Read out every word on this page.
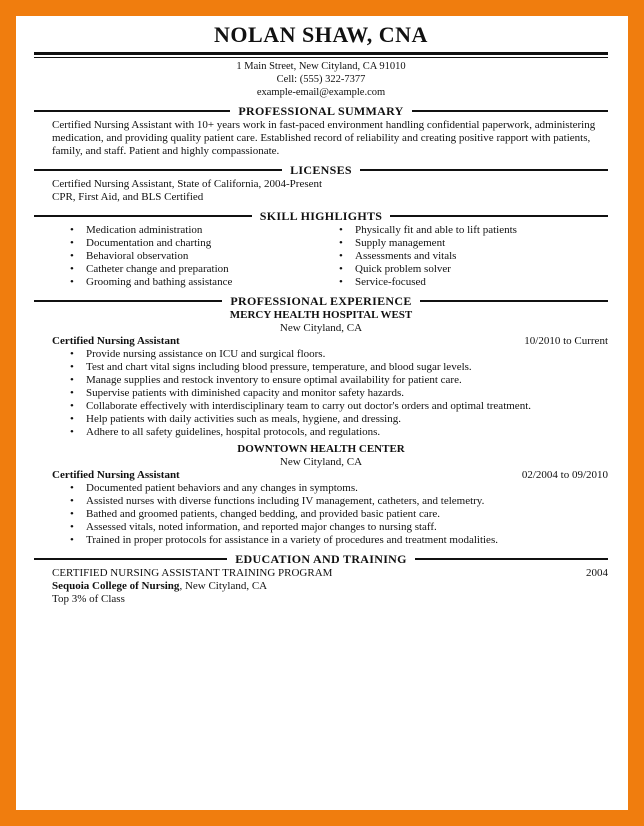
NOLAN SHAW, CNA
1 Main Street, New Cityland, CA 91010
Cell: (555) 322-7377
example-email@example.com
PROFESSIONAL SUMMARY
Certified Nursing Assistant with 10+ years work in fast-paced environment handling confidential paperwork, administering medication, and providing quality patient care. Established record of reliability and creating positive rapport with patients, family, and staff. Patient and highly compassionate.
LICENSES
Certified Nursing Assistant, State of California, 2004-Present
CPR, First Aid, and BLS Certified
SKILL HIGHLIGHTS
• Medication administration
• Documentation and charting
• Behavioral observation
• Catheter change and preparation
• Grooming and bathing assistance
• Physically fit and able to lift patients
• Supply management
• Assessments and vitals
• Quick problem solver
• Service-focused
PROFESSIONAL EXPERIENCE
MERCY HEALTH HOSPITAL WEST
New Cityland, CA
Certified Nursing Assistant	10/2010 to Current
• Provide nursing assistance on ICU and surgical floors.
• Test and chart vital signs including blood pressure, temperature, and blood sugar levels.
• Manage supplies and restock inventory to ensure optimal availability for patient care.
• Supervise patients with diminished capacity and monitor safety hazards.
• Collaborate effectively with interdisciplinary team to carry out doctor's orders and optimal treatment.
• Help patients with daily activities such as meals, hygiene, and dressing.
• Adhere to all safety guidelines, hospital protocols, and regulations.
DOWNTOWN HEALTH CENTER
New Cityland, CA
Certified Nursing Assistant	02/2004 to 09/2010
• Documented patient behaviors and any changes in symptoms.
• Assisted nurses with diverse functions including IV management, catheters, and telemetry.
• Bathed and groomed patients, changed bedding, and provided basic patient care.
• Assessed vitals, noted information, and reported major changes to nursing staff.
• Trained in proper protocols for assistance in a variety of procedures and treatment modalities.
EDUCATION AND TRAINING
CERTIFIED NURSING ASSISTANT TRAINING PROGRAM	2004
Sequoia College of Nursing, New Cityland, CA
Top 3% of Class
